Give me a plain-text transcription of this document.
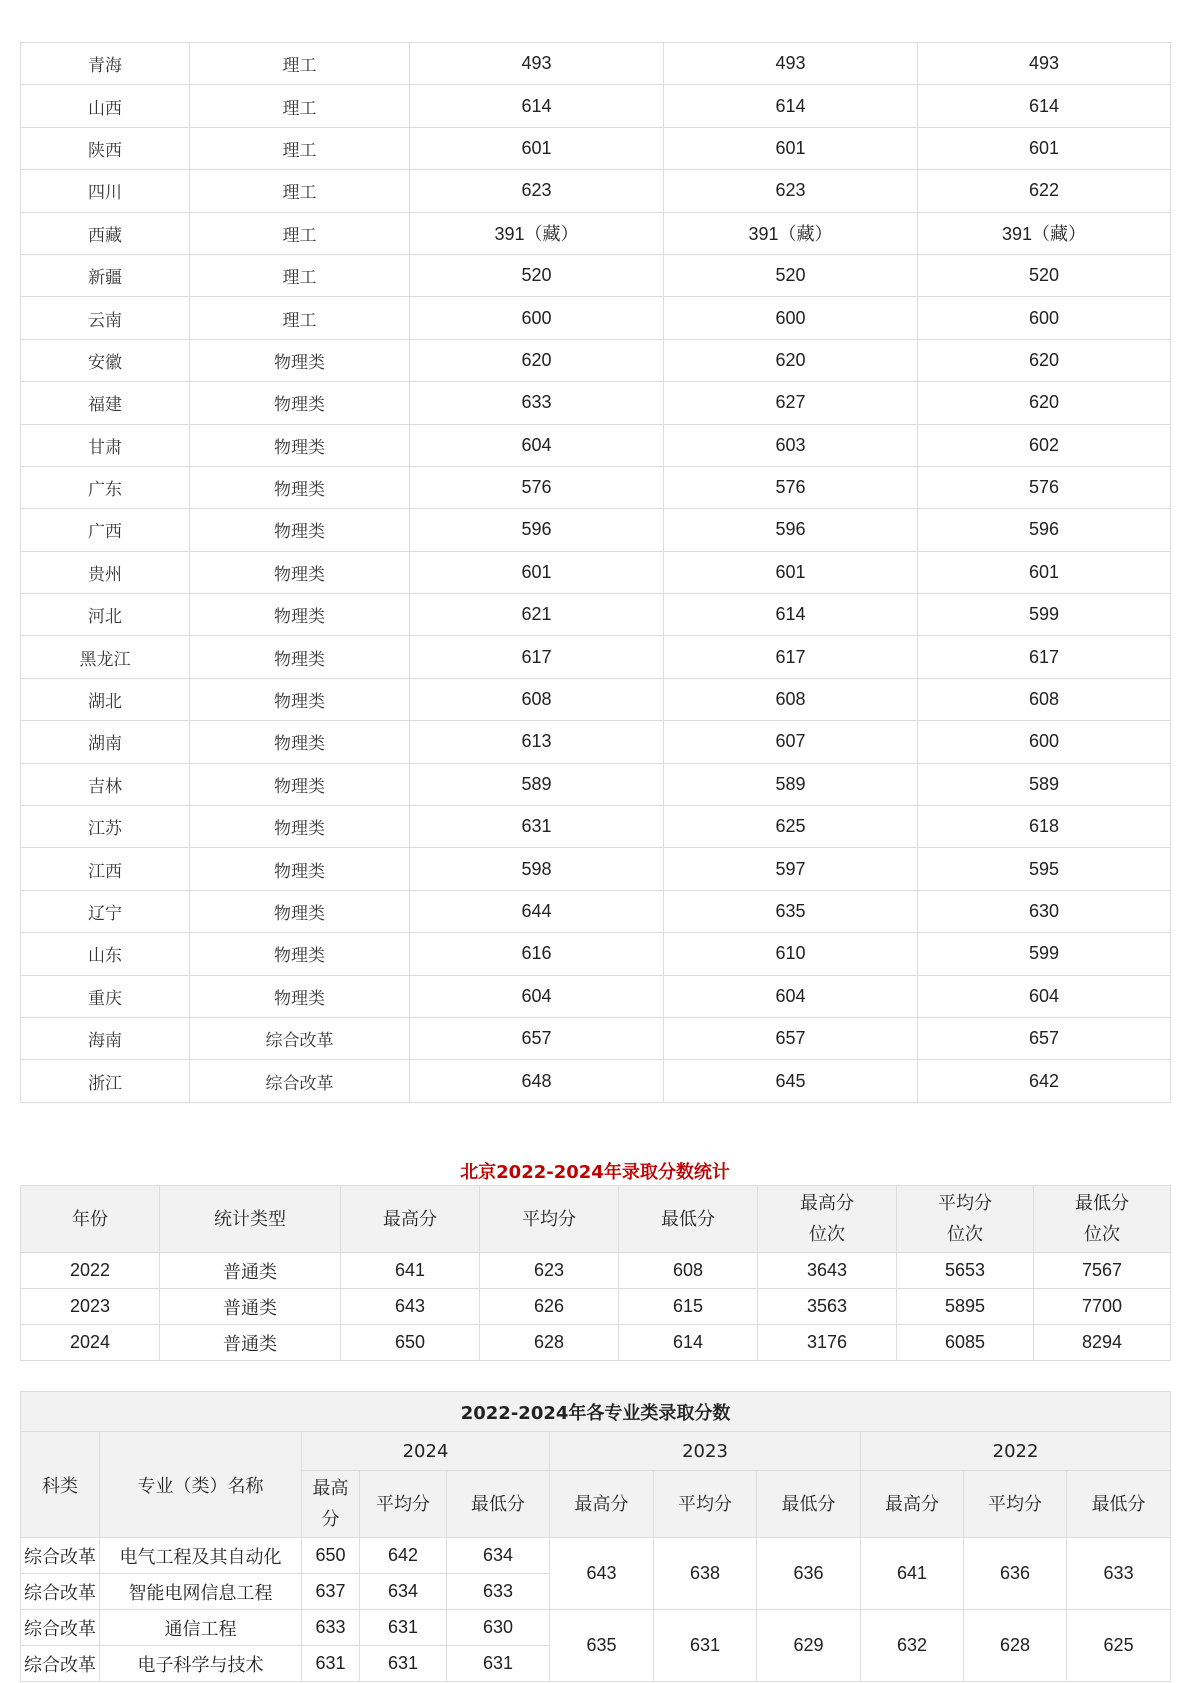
青海	理工	493	493	493
山西	理工	614	614	614
陕西	理工	601	601	601
四川	理工	623	623	622
西藏	理工	391（藏）	391（藏）	391（藏）
新疆	理工	520	520	520
云南	理工	600	600	600
安徽	物理类	620	620	620
福建	物理类	633	627	620
甘肃	物理类	604	603	602
广东	物理类	576	576	576
广西	物理类	596	596	596
贵州	物理类	601	601	601
河北	物理类	621	614	599
黑龙江	物理类	617	617	617
湖北	物理类	608	608	608
湖南	物理类	613	607	600
吉林	物理类	589	589	589
江苏	物理类	631	625	618
江西	物理类	598	597	595
辽宁	物理类	644	635	630
山东	物理类	616	610	599
重庆	物理类	604	604	604
海南	综合改革	657	657	657
浙江	综合改革	648	645	642
北京2022-2024年录取分数统计
年份	统计类型	最高分	平均分	最低分	最高分位次	平均分位次	最低分位次
2022	普通类	641	623	608	3643	5653	7567
2023	普通类	643	626	615	3563	5895	7700
2024	普通类	650	628	614	3176	6085	8294
2022-2024年各专业类录取分数										
科类	专业（类）名称	2024			2023			2022		
		最高分	平均分	最低分	最高分	平均分	最低分	最高分	平均分	最低分
综合改革	电气工程及其自动化	650	642	634	643	638	636	641	636	633
综合改革	智能电网信息工程	637	634	633						
综合改革	通信工程	633	631	630	635	631	629	632	628	625
综合改革	电子科学与技术	631	631	631						
